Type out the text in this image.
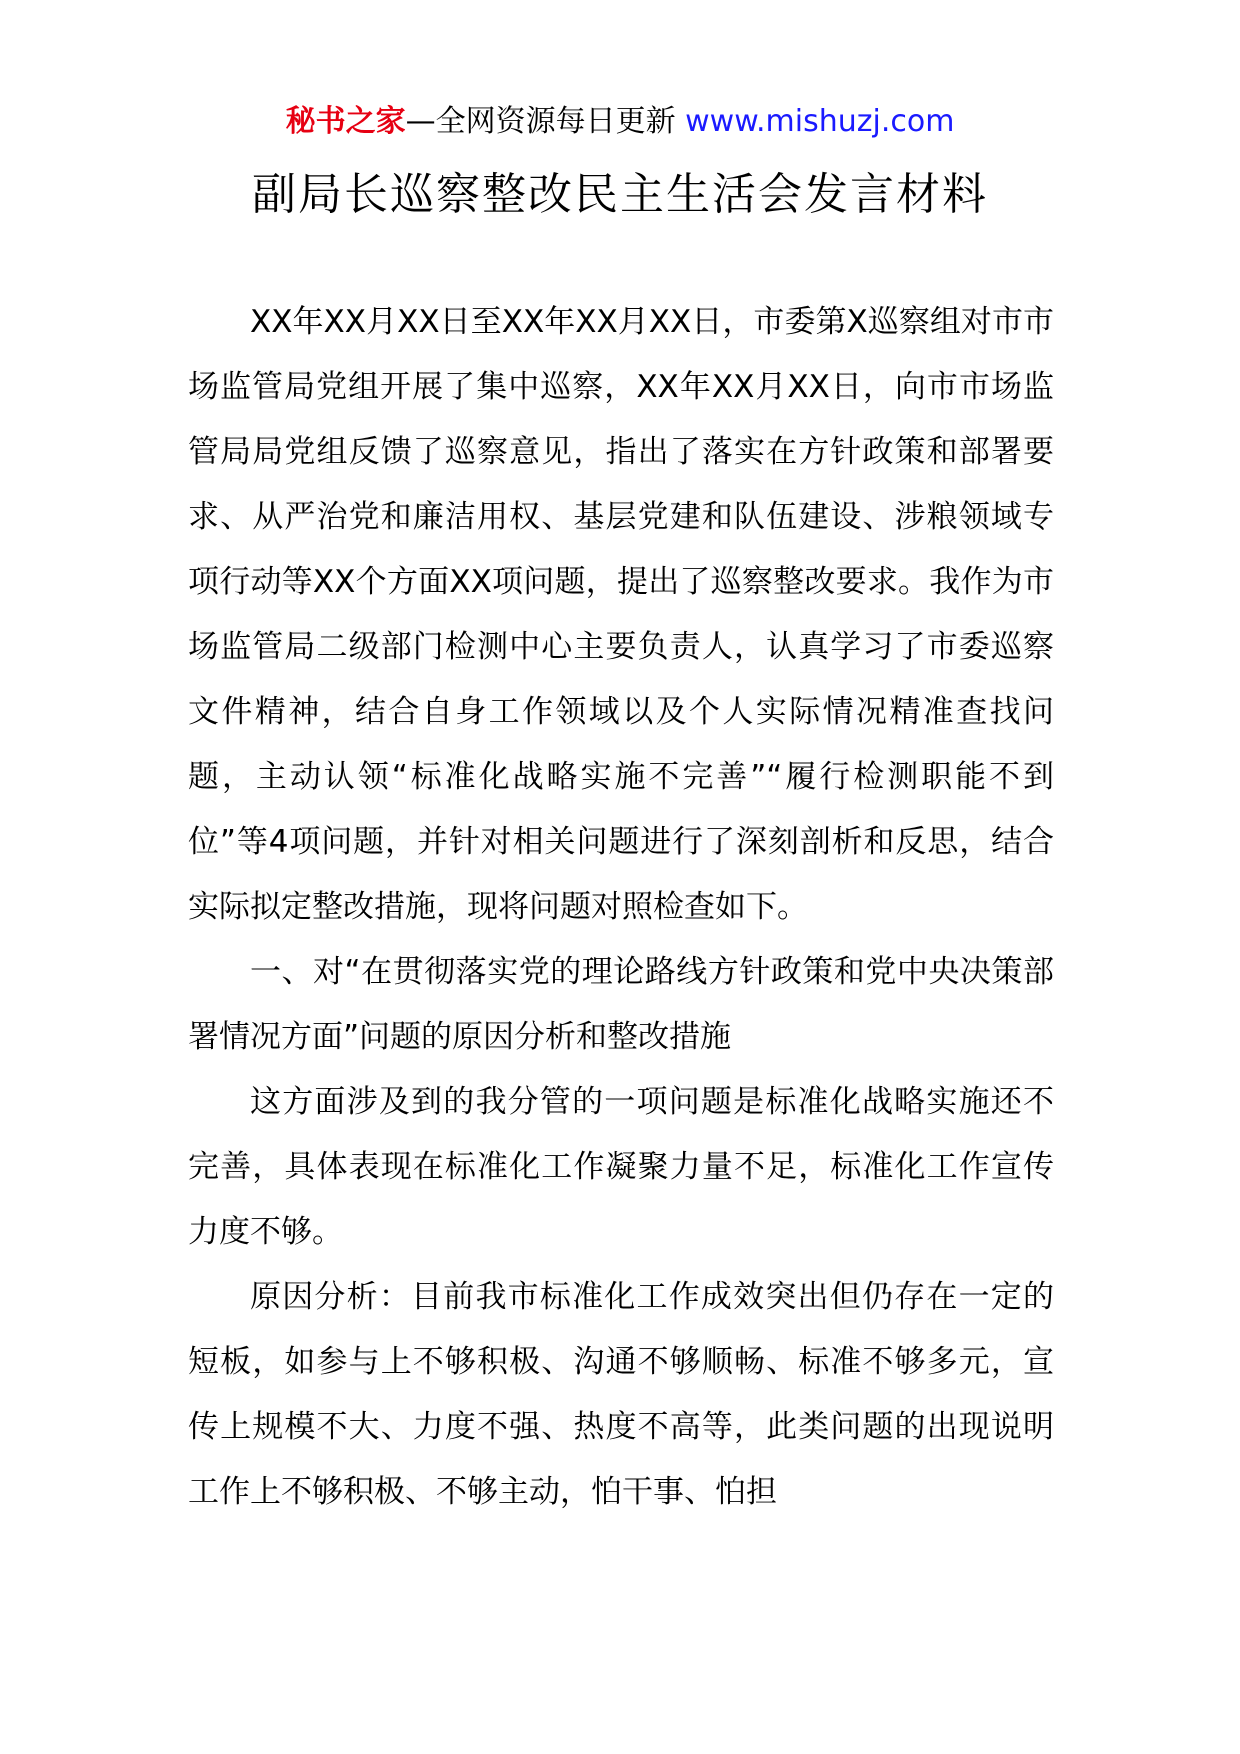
秘书之家—全网资源每日更新 www.mishuzj.com
副局长巡察整改民主生活会发言材料

XX年XX月XX日至XX年XX月XX日，市委第X巡察组对市市场监管局党组开展了集中巡察，XX年XX月XX日，向市市场监管局局党组反馈了巡察意见，指出了落实在方针政策和部署要求、从严治党和廉洁用权、基层党建和队伍建设、涉粮领域专项行动等XX个方面XX项问题，提出了巡察整改要求。我作为市场监管局二级部门检测中心主要负责人，认真学习了市委巡察文件精神，结合自身工作领域以及个人实际情况精准查找问题，主动认领“标准化战略实施不完善”“履行检测职能不到位”等4项问题，并针对相关问题进行了深刻剖析和反思，结合实际拟定整改措施，现将问题对照检查如下。

一、对“在贯彻落实党的理论路线方针政策和党中央决策部署情况方面”问题的原因分析和整改措施

这方面涉及到的我分管的一项问题是标准化战略实施还不完善，具体表现在标准化工作凝聚力量不足，标准化工作宣传力度不够。

原因分析：目前我市标准化工作成效突出但仍存在一定的短板，如参与上不够积极、沟通不够顺畅、标准不够多元，宣传上规模不大、力度不强、热度不高等，此类问题的出现说明工作上不够积极、不够主动，怕干事、怕担
